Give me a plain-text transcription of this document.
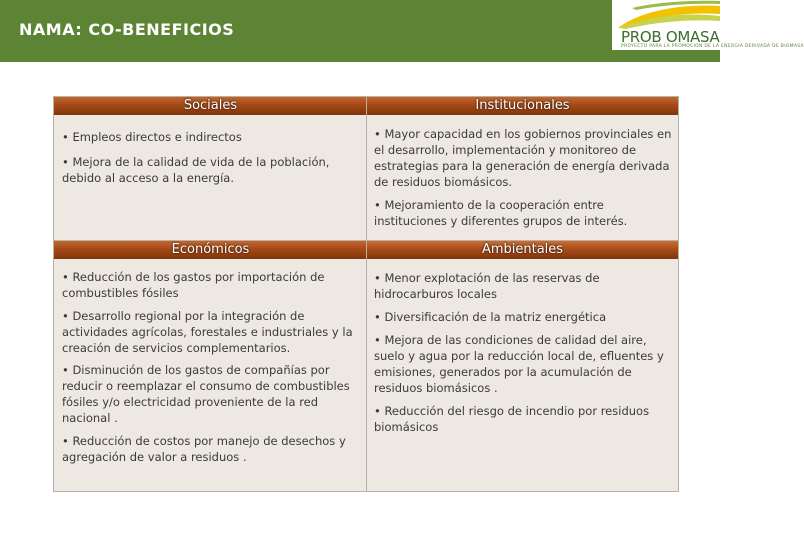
NAMA: CO-BENEFICIOS	PROB OMASA
PROYECTO PARA LA PROMOCION DE LA ENERGIA DERIVADA DE BIOMASA
Sociales

• Empleos directos e indirectos

• Mejora de la calidad de vida de la población, debido al acceso a la energía.

Institucionales

• Mayor capacidad en los gobiernos provinciales en el desarrollo, implementación y monitoreo de estrategias para la generación de energía derivada de residuos biomásicos.

• Mejoramiento de la cooperación entre instituciones y diferentes grupos de interés.

Económicos

• Reducción de los gastos por importación de combustibles fósiles

• Desarrollo regional por la integración de actividades agrícolas, forestales e industriales y la creación de servicios complementarios.

• Disminución de los gastos de compañías por reducir o reemplazar el consumo de combustibles fósiles y/o electricidad proveniente de la red nacional .

• Reducción de costos por manejo de desechos y agregación de valor a residuos .

Ambientales

• Menor explotación de las reservas de hidrocarburos locales

• Diversificación de la matriz energética

• Mejora de las condiciones de calidad del aire, suelo y agua por la reducción local de, efluentes y emisiones, generados por la acumulación de residuos biomásicos .

• Reducción del riesgo de incendio por residuos biomásicos
